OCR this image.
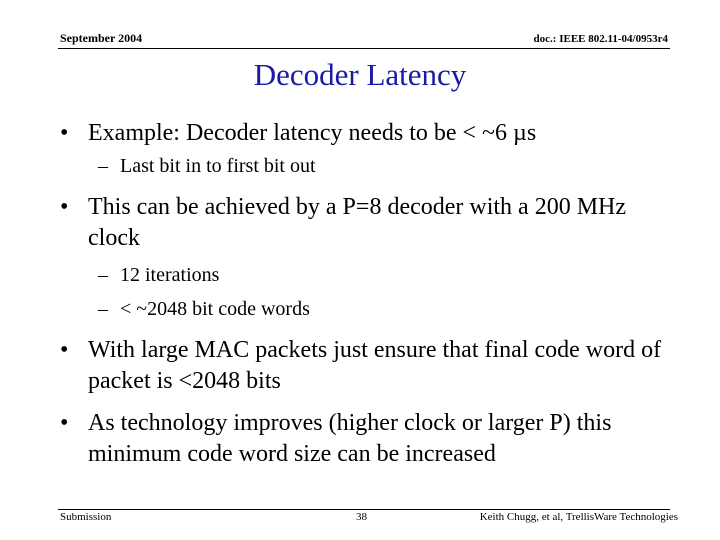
September 2004	doc.: IEEE 802.11-04/0953r4
Decoder Latency
• Example: Decoder latency needs to be < ~6 µs
– Last bit in to first bit out
• This can be achieved by a P=8 decoder with a 200 MHz clock
– 12 iterations
– < ~2048 bit code words
• With large MAC packets just ensure that final code word of packet is <2048 bits
• As technology improves (higher clock or larger P) this minimum code word size can be increased
Submission	38	Keith Chugg, et al, TrellisWare Technologies
